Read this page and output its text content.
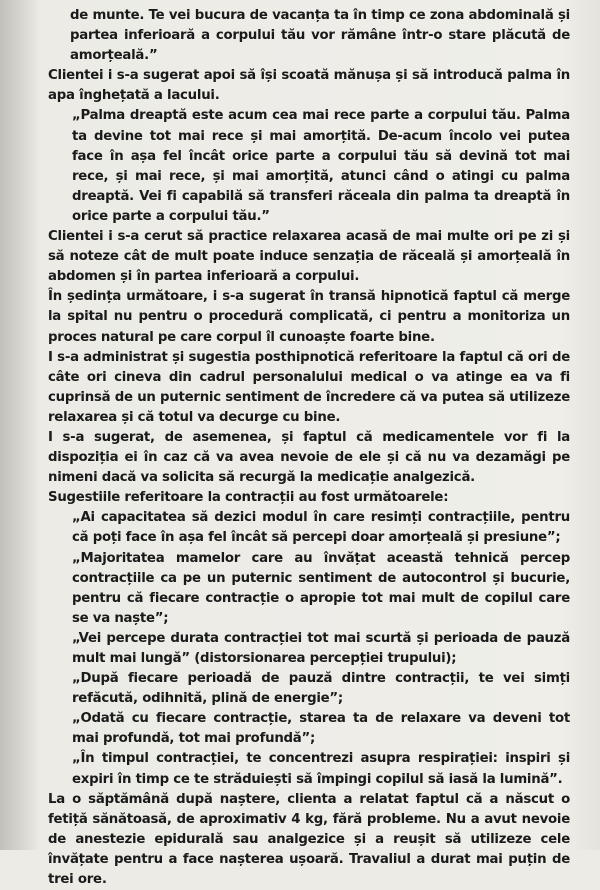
de munte. Te vei bucura de vacanța ta în timp ce zona abdominală și partea inferioară a corpului tău vor rămâne într-o stare plăcută de amorțeală.”

Clientei i s-a sugerat apoi să își scoată mănușa și să introducă palma în apa înghețată a lacului.

„Palma dreaptă este acum cea mai rece parte a corpului tău. Palma ta devine tot mai rece și mai amorțită. De-acum încolo vei putea face în așa fel încât orice parte a corpului tău să devină tot mai rece, și mai rece, și mai amorțită, atunci când o atingi cu palma dreaptă. Vei fi capabilă să transferi răceala din palma ta dreaptă în orice parte a corpului tău.”

Clientei i s-a cerut să practice relaxarea acasă de mai multe ori pe zi și să noteze cât de mult poate induce senzația de răceală și amorțeală în abdomen și în partea inferioară a corpului.

În ședința următoare, i s-a sugerat în transă hipnotică faptul că merge la spital nu pentru o procedură complicată, ci pentru a monitoriza un proces natural pe care corpul îl cunoaște foarte bine.

I s-a administrat și sugestia posthipnotică referitoare la faptul că ori de câte ori cineva din cadrul personalului medical o va atinge ea va fi cuprinsă de un puternic sentiment de încredere că va putea să utilizeze relaxarea și că totul va decurge cu bine.

I s-a sugerat, de asemenea, și faptul că medicamentele vor fi la dispoziția ei în caz că va avea nevoie de ele și că nu va dezamăgi pe nimeni dacă va solicita să recurgă la medicație analgezică.

Sugestiile referitoare la contracții au fost următoarele:

„Ai capacitatea să dezici modul în care resimți contracțiile, pentru că poți face în așa fel încât să percepi doar amorțeală și presiune”;

„Majoritatea mamelor care au învățat această tehnică percep contracțiile ca pe un puternic sentiment de autocontrol și bucurie, pentru că fiecare contracție o apropie tot mai mult de copilul care se va naște”;

„Vei percepe durata contracției tot mai scurtă și perioada de pauză mult mai lungă” (distorsionarea percepției trupului);

„După fiecare perioadă de pauză dintre contracții, te vei simți refăcută, odihnită, plină de energie”;

„Odată cu fiecare contracție, starea ta de relaxare va deveni tot mai profundă, tot mai profundă”;

„În timpul contracției, te concentrezi asupra respirației: inspiri și expiri în timp ce te străduiești să împingi copilul să iasă la lumină”.

La o săptămână după naștere, clienta a relatat faptul că a născut o fetiță sănătoasă, de aproximativ 4 kg, fără probleme. Nu a avut nevoie de anestezie epidurală sau analgezice și a reușit să utilizeze cele învățate pentru a face nașterea ușoară. Travaliul a durat mai puțin de trei ore.
